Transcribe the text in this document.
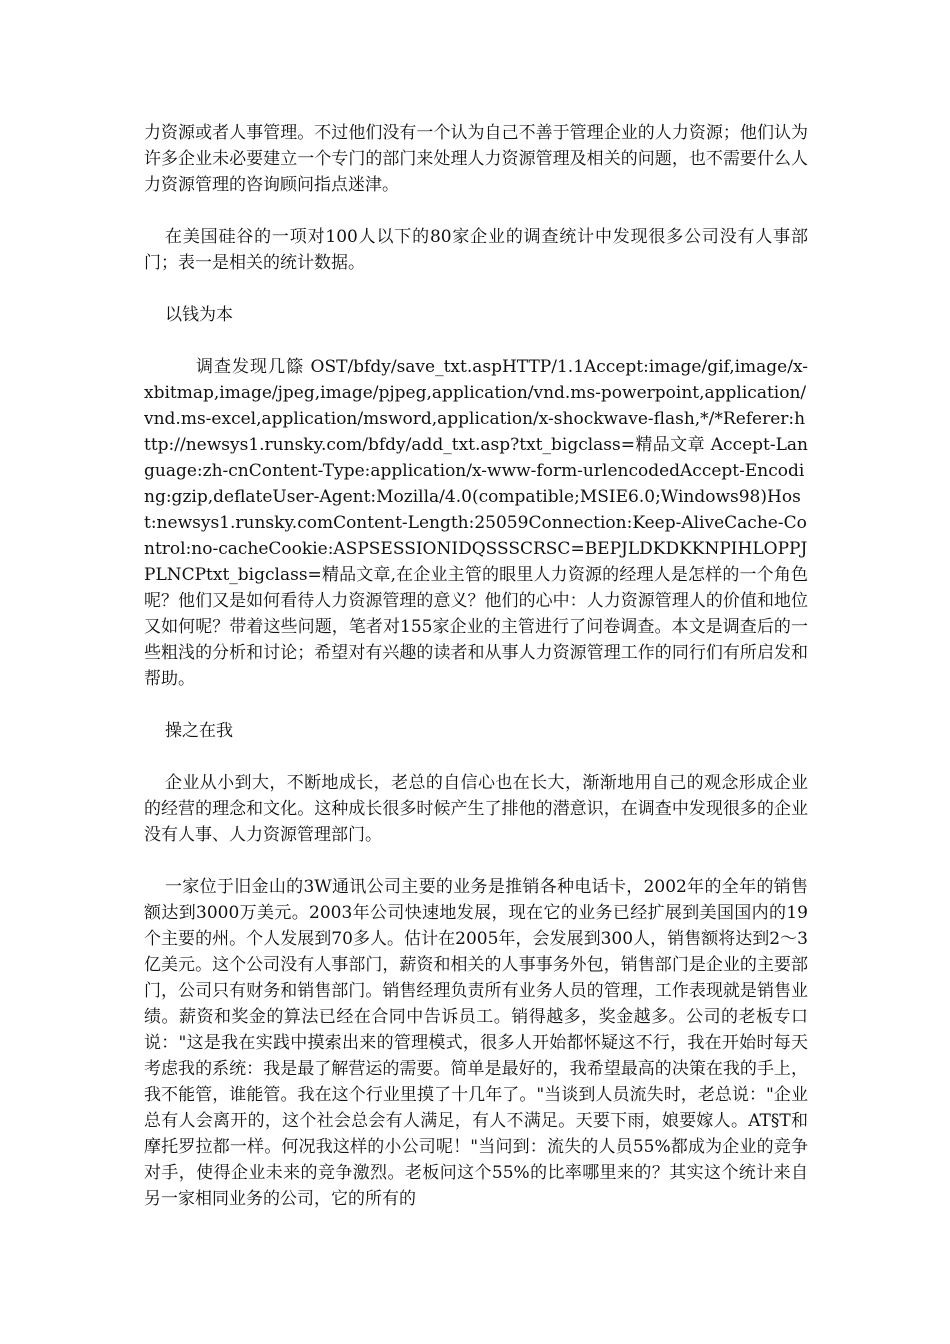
力资源或者人事管理。不过他们没有一个认为自己不善于管理企业的人力资源；他们认为许多企业未必要建立一个专门的部门来处理人力资源管理及相关的问题，也不需要什么人力资源管理的咨询顾问指点迷津。

在美国硅谷的一项对100人以下的80家企业的调查统计中发现很多公司没有人事部门；表一是相关的统计数据。

以钱为本

调查发现几篨 OST/bfdy/save_txt.aspHTTP/1.1Accept:image/gif,image/x-xbitmap,image/jpeg,image/pjpeg,application/vnd.ms-powerpoint,application/vnd.ms-excel,application/msword,application/x-shockwave-flash,*/*Referer:http://newsys1.runsky.com/bfdy/add_txt.asp?txt_bigclass=精品文章 Accept-Language:zh-cnContent-Type:application/x-www-form-urlencodedAccept-Encoding:gzip,deflateUser-Agent:Mozilla/4.0(compatible;MSIE6.0;Windows98)Host:newsys1.runsky.comContent-Length:25059Connection:Keep-AliveCache-Control:no-cacheCookie:ASPSESSIONIDQSSSCRSC=BEPJLDKDKKNPIHLOPPJPLNCPtxt_bigclass=精品文章,在企业主管的眼里人力资源的经理人是怎样的一个角色呢？他们又是如何看待人力资源管理的意义？他们的心中：人力资源管理人的价值和地位又如何呢？带着这些问题，笔者对155家企业的主管进行了问卷调查。本文是调查后的一些粗浅的分析和讨论；希望对有兴趣的读者和从事人力资源管理工作的同行们有所启发和帮助。

操之在我

企业从小到大，不断地成长，老总的自信心也在长大，渐渐地用自己的观念形成企业的经营的理念和文化。这种成长很多时候产生了排他的潜意识，在调查中发现很多的企业没有人事、人力资源管理部门。

一家位于旧金山的3W通讯公司主要的业务是推销各种电话卡，2002年的全年的销售额达到3000万美元。2003年公司快速地发展，现在它的业务已经扩展到美国国内的19个主要的州。个人发展到70多人。估计在2005年，会发展到300人，销售额将达到2～3亿美元。这个公司没有人事部门，薪资和相关的人事事务外包，销售部门是企业的主要部门，公司只有财务和销售部门。销售经理负责所有业务人员的管理，工作表现就是销售业绩。薪资和奖金的算法已经在合同中告诉员工。销得越多，奖金越多。公司的老板专口说："这是我在实践中摸索出来的管理模式，很多人开始都怀疑这不行，我在开始时每天考虑我的系统：我是最了解营运的需要。简单是最好的，我希望最高的决策在我的手上，我不能管，谁能管。我在这个行业里摸了十几年了。"当谈到人员流失时，老总说："企业总有人会离开的，这个社会总会有人满足，有人不满足。天要下雨，娘要嫁人。AT§T和摩托罗拉都一样。何况我这样的小公司呢！"当问到：流失的人员55%都成为企业的竞争对手，使得企业未来的竞争激烈。老板问这个55%的比率哪里来的？其实这个统计来自另一家相同业务的公司，它的所有的
